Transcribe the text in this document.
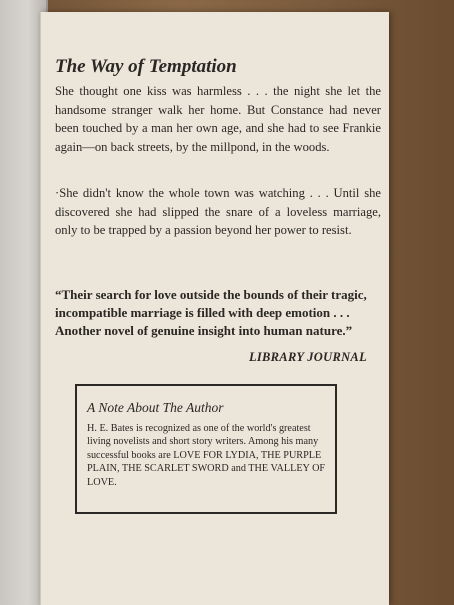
The Way of Temptation

She thought one kiss was harmless . . . the night she let the handsome stranger walk her home. But Constance had never been touched by a man her own age, and she had to see Frankie again—on back streets, by the millpond, in the woods.

·She didn't know the whole town was watching . . . Until she discovered she had slipped the snare of a loveless marriage, only to be trapped by a passion beyond her power to resist.

“Their search for love outside the bounds of their tragic, incompatible marriage is filled with deep emotion . . . Another novel of genuine insight into human nature.”

LIBRARY JOURNAL

A Note About The Author

H. E. Bates is recognized as one of the world's greatest living novelists and short story writers. Among his many successful books are LOVE FOR LYDIA, THE PURPLE PLAIN, THE SCARLET SWORD and THE VALLEY OF LOVE.
